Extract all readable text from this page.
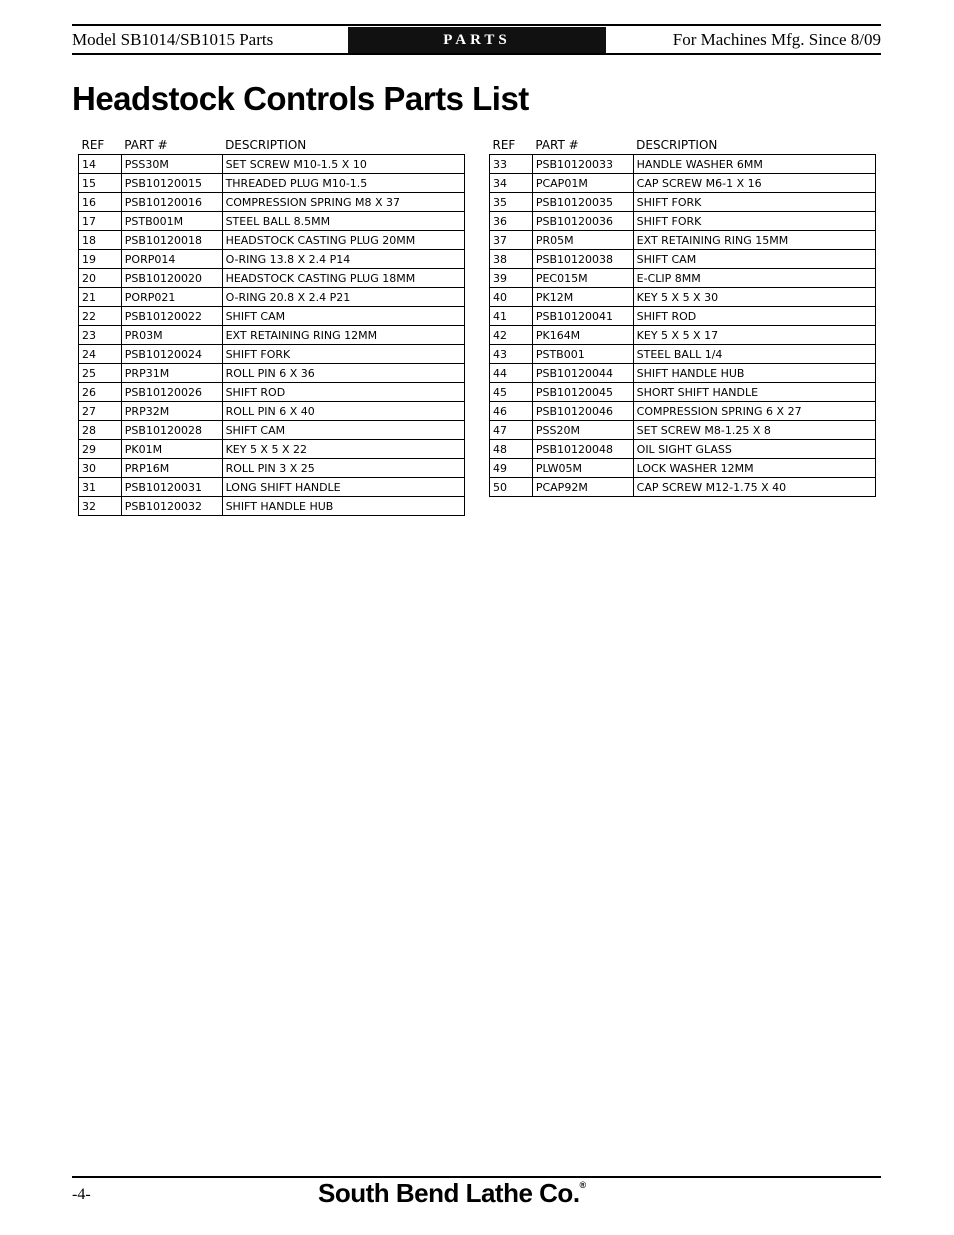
Model SB1014/SB1015 Parts	PARTS	For Machines Mfg. Since 8/09
Headstock Controls Parts List
REF	PART #	DESCRIPTION
14	PSS30M	SET SCREW M10-1.5 X 10
15	PSB10120015	THREADED PLUG M10-1.5
16	PSB10120016	COMPRESSION SPRING M8 X 37
17	PSTB001M	STEEL BALL 8.5MM
18	PSB10120018	HEADSTOCK CASTING PLUG 20MM
19	PORP014	O-RING 13.8 X 2.4 P14
20	PSB10120020	HEADSTOCK CASTING PLUG 18MM
21	PORP021	O-RING 20.8 X 2.4 P21
22	PSB10120022	SHIFT CAM
23	PR03M	EXT RETAINING RING 12MM
24	PSB10120024	SHIFT FORK
25	PRP31M	ROLL PIN 6 X 36
26	PSB10120026	SHIFT ROD
27	PRP32M	ROLL PIN 6 X 40
28	PSB10120028	SHIFT CAM
29	PK01M	KEY 5 X 5 X 22
30	PRP16M	ROLL PIN 3 X 25
31	PSB10120031	LONG SHIFT HANDLE
32	PSB10120032	SHIFT HANDLE HUB
REF	PART #	DESCRIPTION
33	PSB10120033	HANDLE WASHER 6MM
34	PCAP01M	CAP SCREW M6-1 X 16
35	PSB10120035	SHIFT FORK
36	PSB10120036	SHIFT FORK
37	PR05M	EXT RETAINING RING 15MM
38	PSB10120038	SHIFT CAM
39	PEC015M	E-CLIP 8MM
40	PK12M	KEY 5 X 5 X 30
41	PSB10120041	SHIFT ROD
42	PK164M	KEY 5 X 5 X 17
43	PSTB001	STEEL BALL 1/4
44	PSB10120044	SHIFT HANDLE HUB
45	PSB10120045	SHORT SHIFT HANDLE
46	PSB10120046	COMPRESSION SPRING 6 X 27
47	PSS20M	SET SCREW M8-1.25 X 8
48	PSB10120048	OIL SIGHT GLASS
49	PLW05M	LOCK WASHER 12MM
50	PCAP92M	CAP SCREW M12-1.75 X 40
-4-	South Bend Lathe Co.®
